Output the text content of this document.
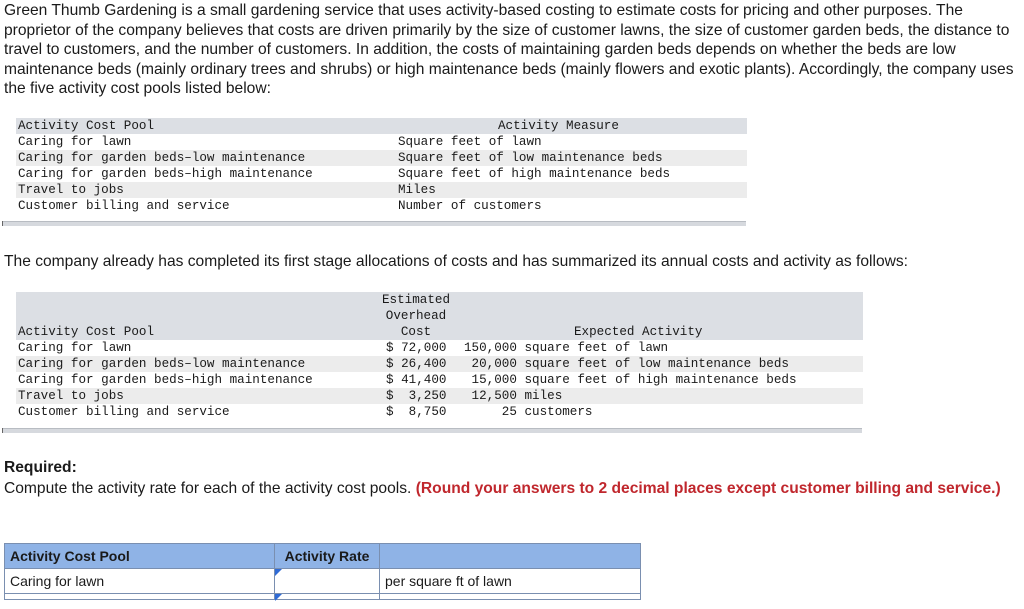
Green Thumb Gardening is a small gardening service that uses activity-based costing to estimate costs for pricing and other purposes. The proprietor of the company believes that costs are driven primarily by the size of customer lawns, the size of customer garden beds, the distance to travel to customers, and the number of customers. In addition, the costs of maintaining garden beds depends on whether the beds are low maintenance beds (mainly ordinary trees and shrubs) or high maintenance beds (mainly flowers and exotic plants). Accordingly, the company uses the five activity cost pools listed below:
Activity Cost Pool	Activity Measure
Caring for lawn	Square feet of lawn
Caring for garden beds–low maintenance	Square feet of low maintenance beds
Caring for garden beds–high maintenance	Square feet of high maintenance beds
Travel to jobs	Miles
Customer billing and service	Number of customers
The company already has completed its first stage allocations of costs and has summarized its annual costs and activity as follows:
Activity Cost Pool
Estimated
Overhead
Cost	Expected Activity
Caring for lawn	$ 72,000 150,000 square feet of lawn
Caring for garden beds–low maintenance	$ 26,400 20,000 square feet of low maintenance beds
Caring for garden beds–high maintenance	$ 41,400 15,000 square feet of high maintenance beds
Travel to jobs	$  3,250 12,500 miles
Customer billing and service	$  8,750 25 customers
Required:
Compute the activity rate for each of the activity cost pools. (Round your answers to 2 decimal places except customer billing and service.)
Activity Cost Pool	Activity Rate	
Caring for lawn		per square ft of lawn
